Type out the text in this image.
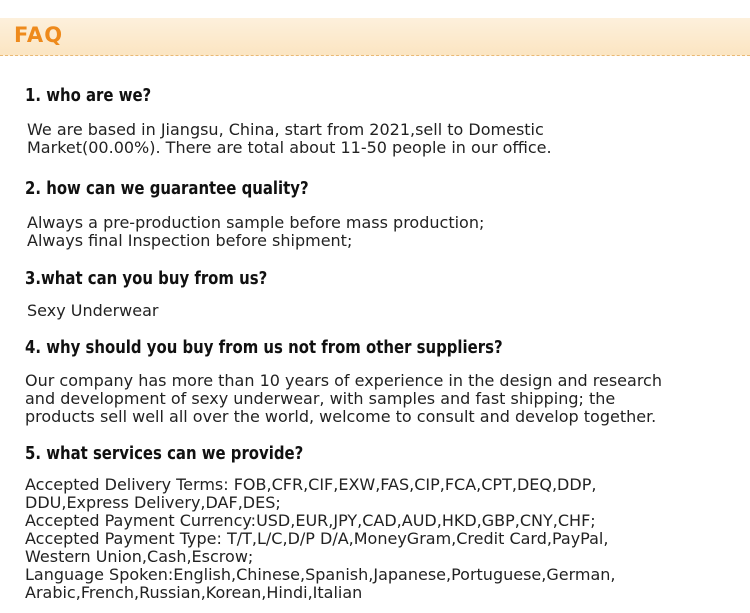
FAQ
1. who are we?
We are based in Jiangsu, China, start from 2021,sell to Domestic
Market(00.00%). There are total about 11-50 people in our office.
2. how can we guarantee quality?
Always a pre-production sample before mass production;
Always final Inspection before shipment;
3.what can you buy from us?
Sexy Underwear
4. why should you buy from us not from other suppliers?
Our company has more than 10 years of experience in the design and research
and development of sexy underwear, with samples and fast shipping; the
products sell well all over the world, welcome to consult and develop together.
5. what services can we provide?
Accepted Delivery Terms: FOB,CFR,CIF,EXW,FAS,CIP,FCA,CPT,DEQ,DDP,
DDU,Express Delivery,DAF,DES;
Accepted Payment Currency:USD,EUR,JPY,CAD,AUD,HKD,GBP,CNY,CHF;
Accepted Payment Type: T/T,L/C,D/P D/A,MoneyGram,Credit Card,PayPal,
Western Union,Cash,Escrow;
Language Spoken:English,Chinese,Spanish,Japanese,Portuguese,German,
Arabic,French,Russian,Korean,Hindi,Italian
